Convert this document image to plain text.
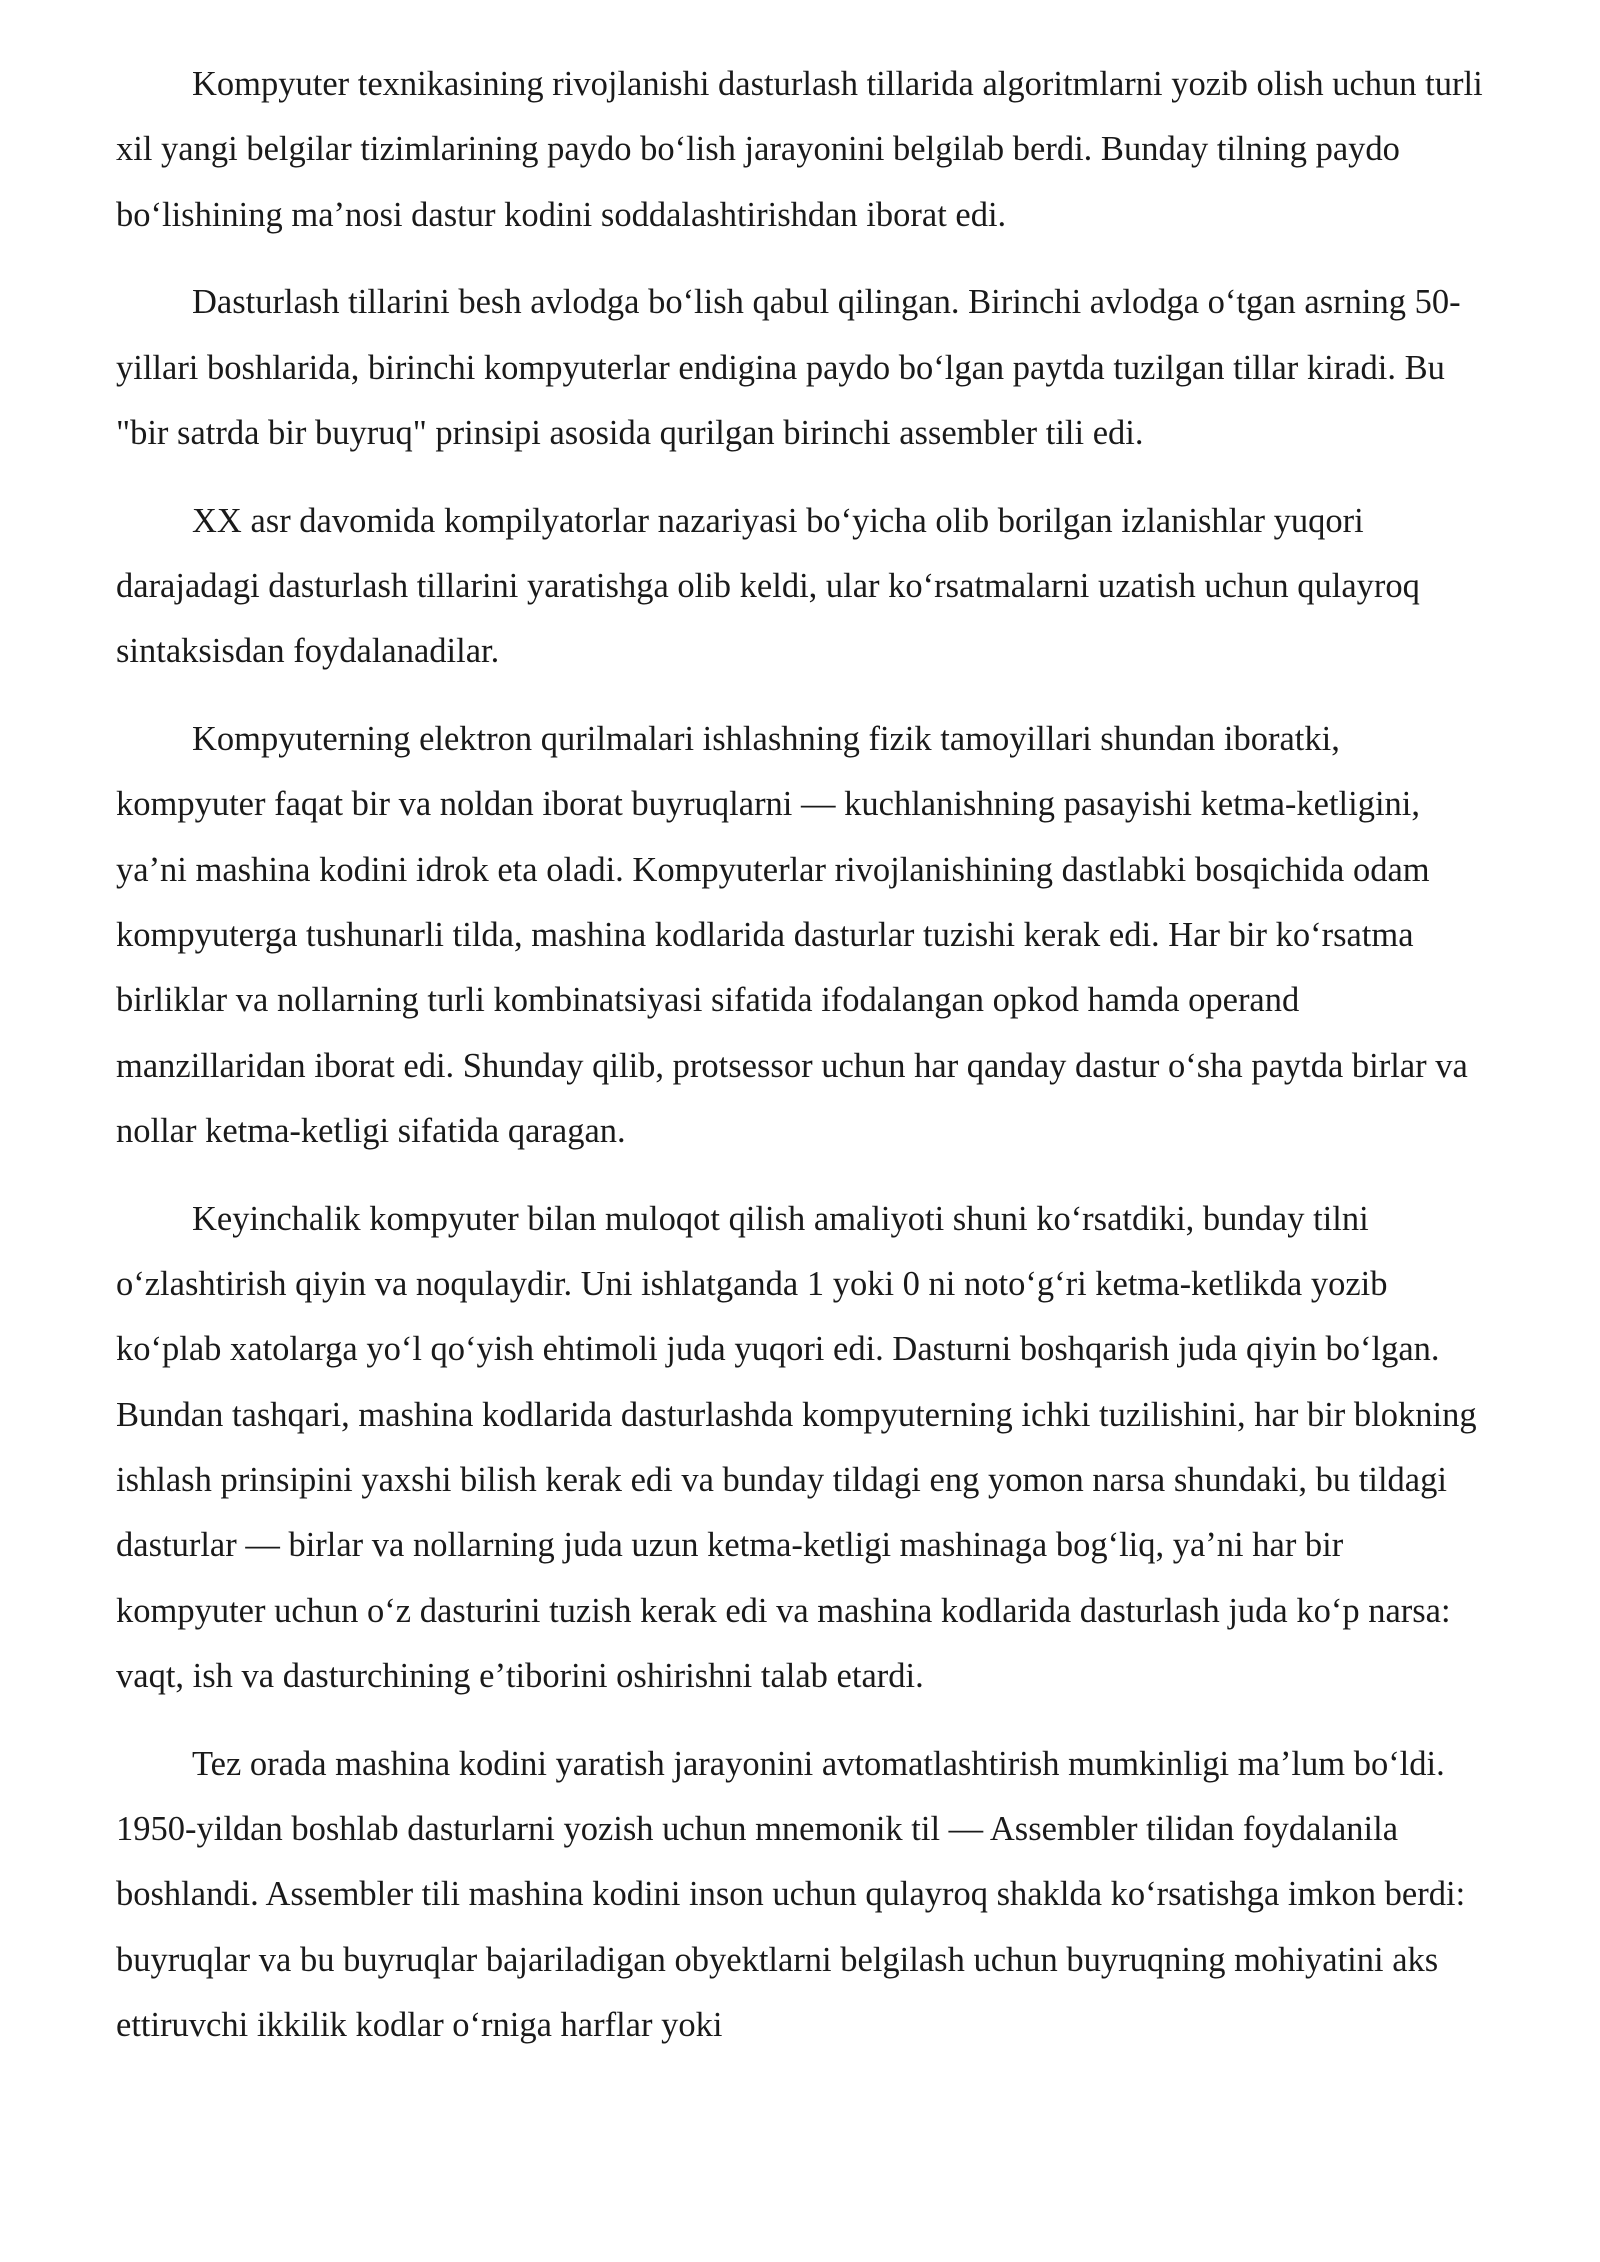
Kompyuter texnikasining rivojlanishi dasturlash tillarida algoritmlarni yozib olish uchun turli xil yangi belgilar tizimlarining paydo boʻlish jarayonini belgilab berdi. Bunday tilning paydo boʻlishining maʼnosi dastur kodini soddalashtirishdan iborat edi.

Dasturlash tillarini besh avlodga boʻlish qabul qilingan. Birinchi avlodga oʻtgan asrning 50-yillari boshlarida, birinchi kompyuterlar endigina paydo boʻlgan paytda tuzilgan tillar kiradi. Bu "bir satrda bir buyruq" prinsipi asosida qurilgan birinchi assembler tili edi.

XX asr davomida kompilyatorlar nazariyasi boʻyicha olib borilgan izlanishlar yuqori darajadagi dasturlash tillarini yaratishga olib keldi, ular koʻrsatmalarni uzatish uchun qulayroq sintaksisdan foydalanadilar.

Kompyuterning elektron qurilmalari ishlashning fizik tamoyillari shundan iboratki, kompyuter faqat bir va noldan iborat buyruqlarni — kuchlanishning pasayishi ketma-ketligini, yaʼni mashina kodini idrok eta oladi. Kompyuterlar rivojlanishining dastlabki bosqichida odam kompyuterga tushunarli tilda, mashina kodlarida dasturlar tuzishi kerak edi. Har bir koʻrsatma birliklar va nollarning turli kombinatsiyasi sifatida ifodalangan opkod hamda operand manzillaridan iborat edi. Shunday qilib, protsessor uchun har qanday dastur oʻsha paytda birlar va nollar ketma-ketligi sifatida qaragan.

Keyinchalik kompyuter bilan muloqot qilish amaliyoti shuni koʻrsatdiki, bunday tilni oʻzlashtirish qiyin va noqulaydir. Uni ishlatganda 1 yoki 0 ni notoʻgʻri ketma-ketlikda yozib koʻplab xatolarga yoʻl qoʻyish ehtimoli juda yuqori edi. Dasturni boshqarish juda qiyin boʻlgan. Bundan tashqari, mashina kodlarida dasturlashda kompyuterning ichki tuzilishini, har bir blokning ishlash prinsipini yaxshi bilish kerak edi va bunday tildagi eng yomon narsa shundaki, bu tildagi dasturlar — birlar va nollarning juda uzun ketma-ketligi mashinaga bogʻliq, yaʼni har bir kompyuter uchun oʻz dasturini tuzish kerak edi va mashina kodlarida dasturlash juda koʻp narsa: vaqt, ish va dasturchining eʼtiborini oshirishni talab etardi.

Tez orada mashina kodini yaratish jarayonini avtomatlashtirish mumkinligi maʼlum boʻldi. 1950-yildan boshlab dasturlarni yozish uchun mnemonik til — Assembler tilidan foydalanila boshlandi. Assembler tili mashina kodini inson uchun qulayroq shaklda koʻrsatishga imkon berdi: buyruqlar va bu buyruqlar bajariladigan obyektlarni belgilash uchun buyruqning mohiyatini aks ettiruvchi ikkilik kodlar oʻrniga harflar yoki
